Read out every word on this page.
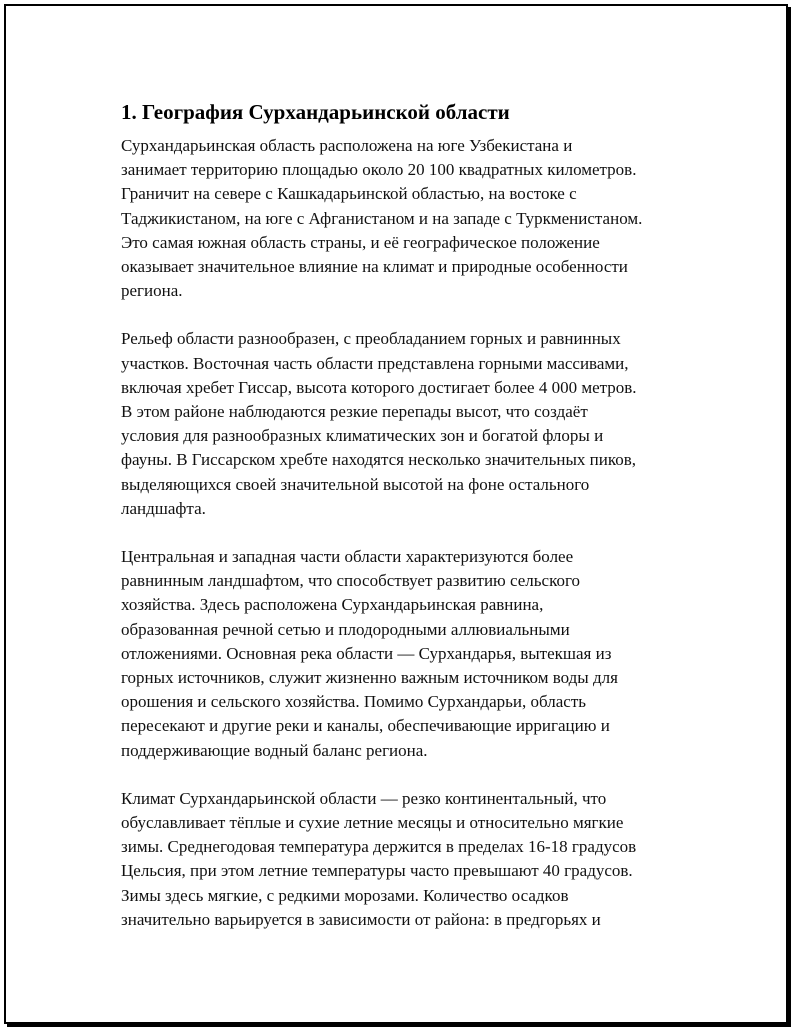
1. География Сурхандарьинской области

Сурхандарьинская область расположена на юге Узбекистана и
занимает территорию площадью около 20 100 квадратных километров.
Граничит на севере с Кашкадарьинской областью, на востоке с
Таджикистаном, на юге с Афганистаном и на западе с Туркменистаном.
Это самая южная область страны, и её географическое положение
оказывает значительное влияние на климат и природные особенности
региона.

Рельеф области разнообразен, с преобладанием горных и равнинных
участков. Восточная часть области представлена горными массивами,
включая хребет Гиссар, высота которого достигает более 4 000 метров.
В этом районе наблюдаются резкие перепады высот, что создаёт
условия для разнообразных климатических зон и богатой флоры и
фауны. В Гиссарском хребте находятся несколько значительных пиков,
выделяющихся своей значительной высотой на фоне остального
ландшафта.

Центральная и западная части области характеризуются более
равнинным ландшафтом, что способствует развитию сельского
хозяйства. Здесь расположена Сурхандарьинская равнина,
образованная речной сетью и плодородными аллювиальными
отложениями. Основная река области — Сурхандарья, вытекшая из
горных источников, служит жизненно важным источником воды для
орошения и сельского хозяйства. Помимо Сурхандарьи, область
пересекают и другие реки и каналы, обеспечивающие ирригацию и
поддерживающие водный баланс региона.

Климат Сурхандарьинской области — резко континентальный, что
обуславливает тёплые и сухие летние месяцы и относительно мягкие
зимы. Среднегодовая температура держится в пределах 16-18 градусов
Цельсия, при этом летние температуры часто превышают 40 градусов.
Зимы здесь мягкие, с редкими морозами. Количество осадков
значительно варьируется в зависимости от района: в предгорьях и
